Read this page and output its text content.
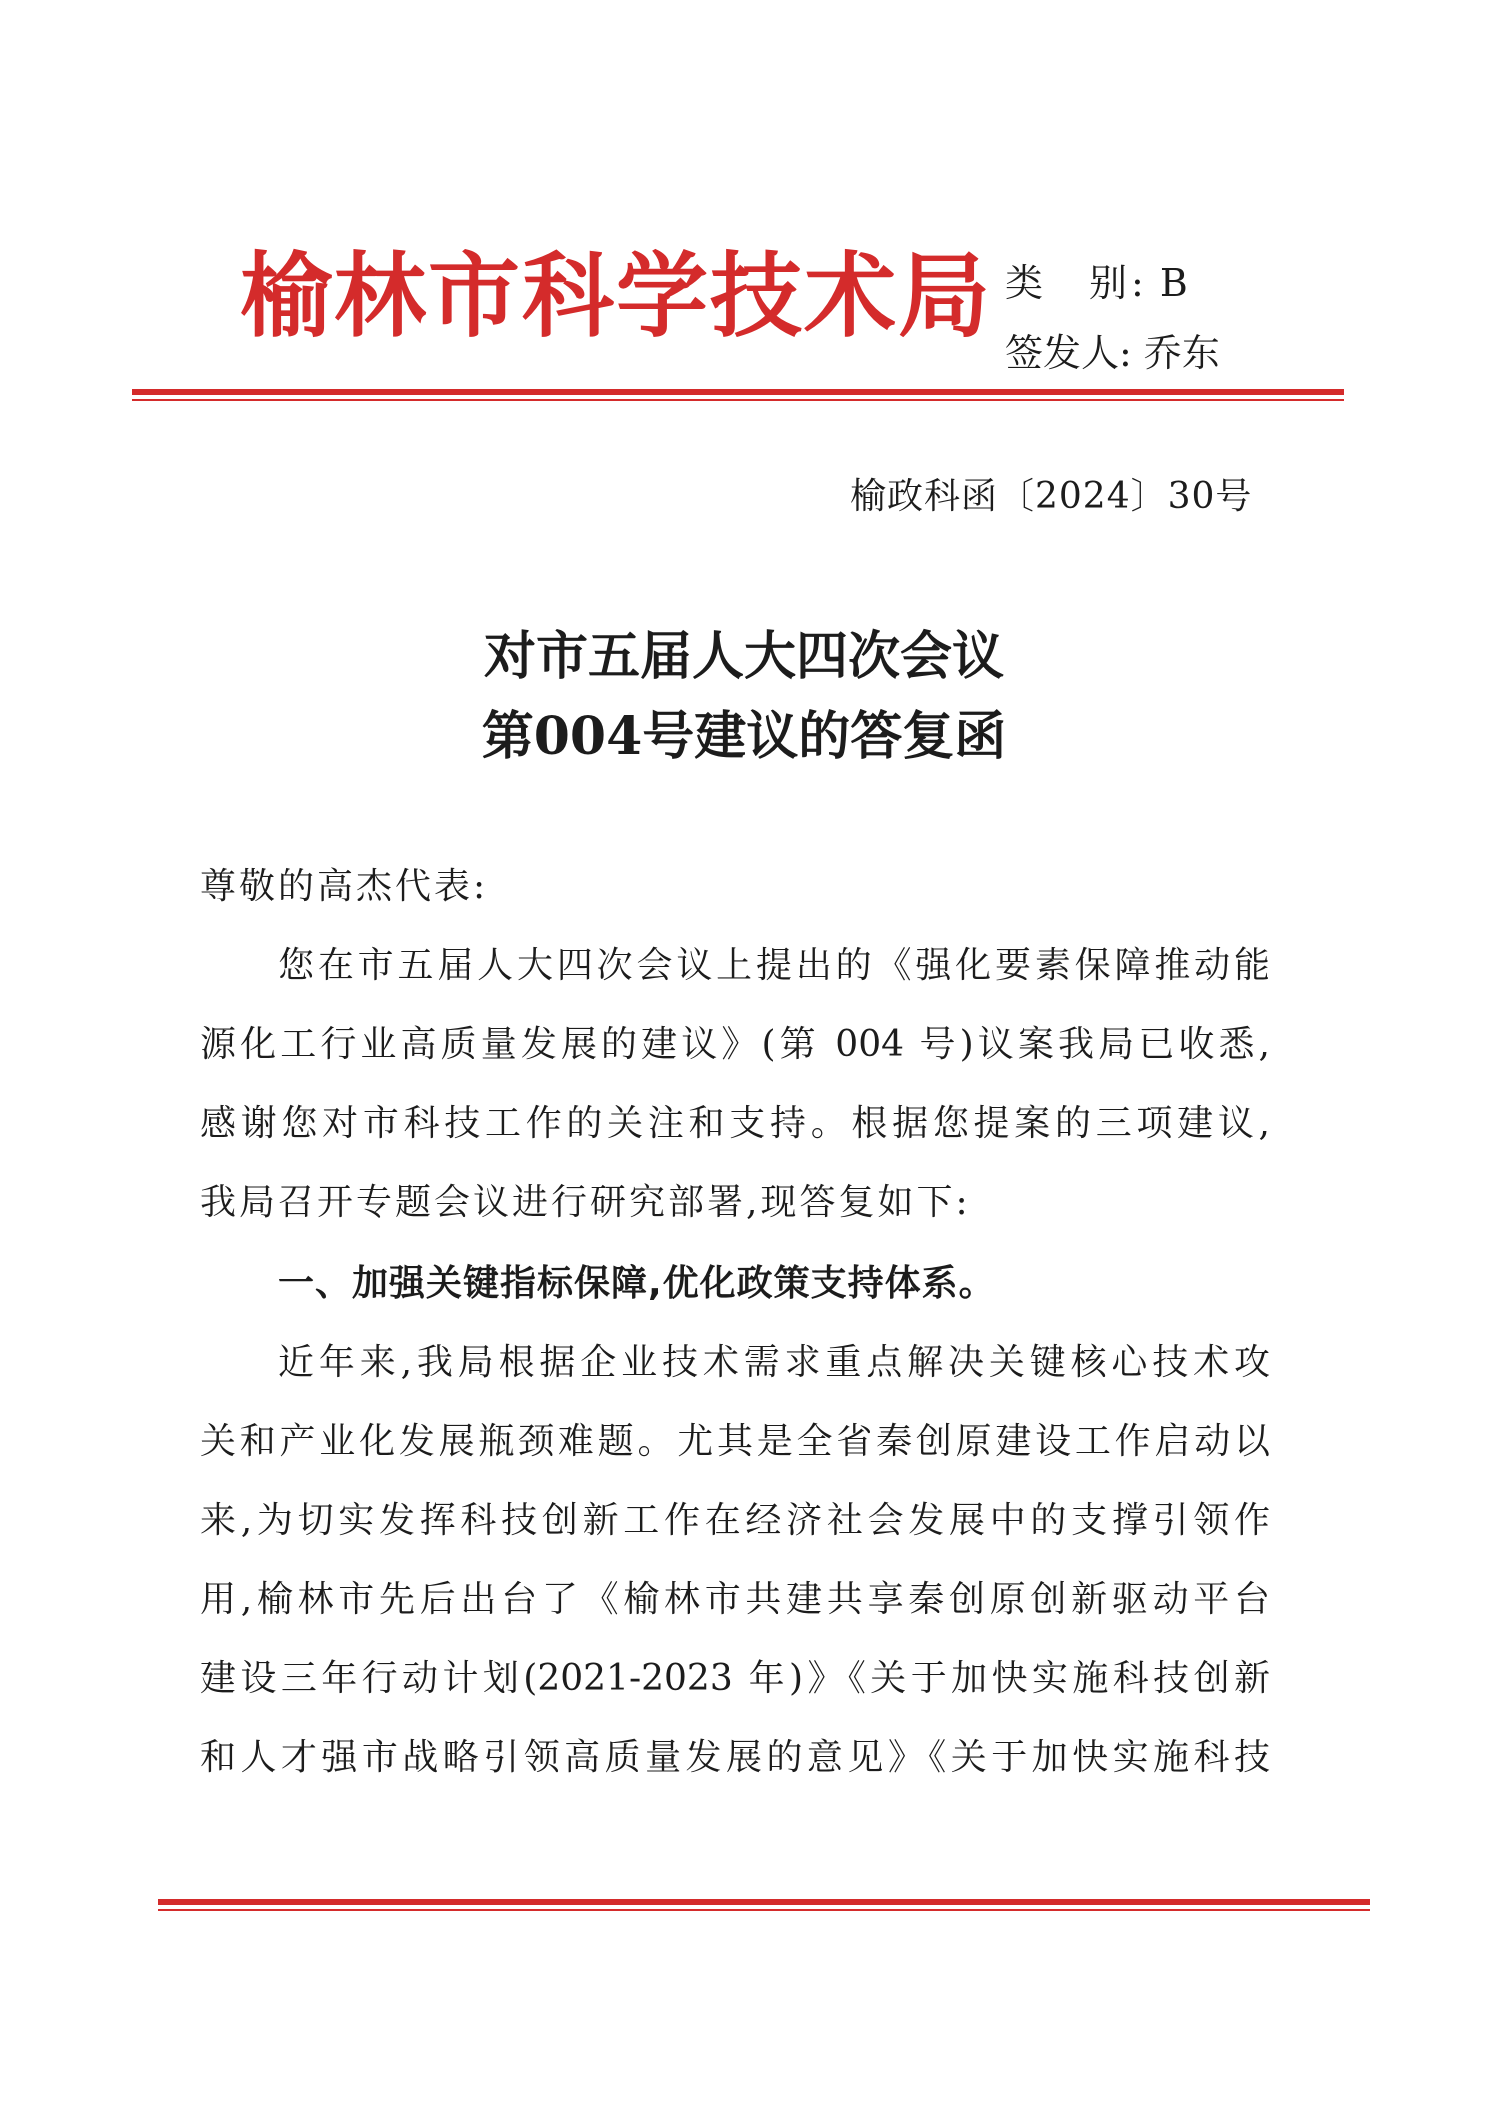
榆林市科学技术局 类　别: B
签发人: 乔东
榆政科函〔2024〕30号
对市五届人大四次会议
第004号建议的答复函
尊敬的高杰代表:
您在市五届人大四次会议上提出的《强化要素保障推动能
源化工行业高质量发展的建议》(第 004 号)议案我局已收悉,
感谢您对市科技工作的关注和支持。根据您提案的三项建议,
我局召开专题会议进行研究部署,现答复如下:
一、加强关键指标保障,优化政策支持体系。
近年来,我局根据企业技术需求重点解决关键核心技术攻
关和产业化发展瓶颈难题。尤其是全省秦创原建设工作启动以
来,为切实发挥科技创新工作在经济社会发展中的支撑引领作
用,榆林市先后出台了《榆林市共建共享秦创原创新驱动平台
建设三年行动计划(2021-2023 年)》《关于加快实施科技创新
和人才强市战略引领高质量发展的意见》《关于加快实施科技
